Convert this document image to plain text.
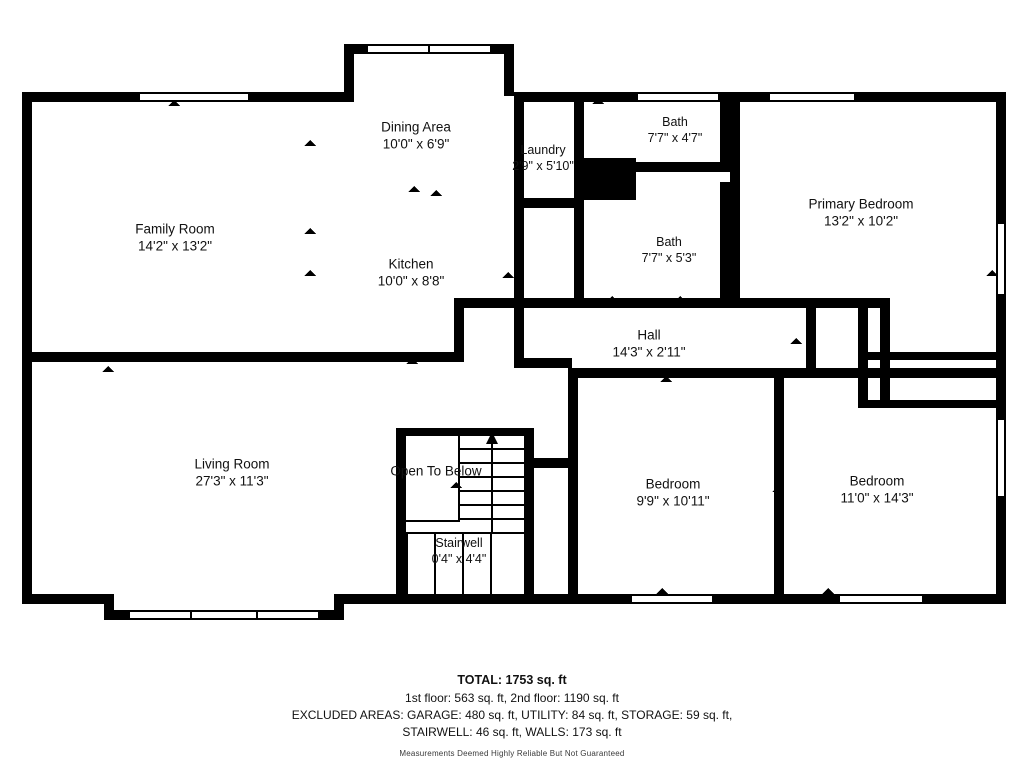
Family Room
14'2" x 13'2"
Dining Area
10'0" x 6'9"
Kitchen
10'0" x 8'8"
Laundry
2'9" x 5'10"
Bath
7'7" x 4'7"
Bath
7'7" x 5'3"
Primary Bedroom
13'2" x 10'2"
Hall
14'3" x 2'11"
Living Room
27'3" x 11'3"	Bedroom
9'9" x 10'11"
Bedroom
11'0" x 14'3"
Stairwell
0'4" x 4'4"
Open To Below
TOTAL: 1753 sq. ft
1st floor: 563 sq. ft, 2nd floor: 1190 sq. ft
EXCLUDED AREAS: GARAGE: 480 sq. ft, UTILITY: 84 sq. ft, STORAGE: 59 sq. ft,
STAIRWELL: 46 sq. ft, WALLS: 173 sq. ft
Measurements Deemed Highly Reliable But Not Guaranteed
